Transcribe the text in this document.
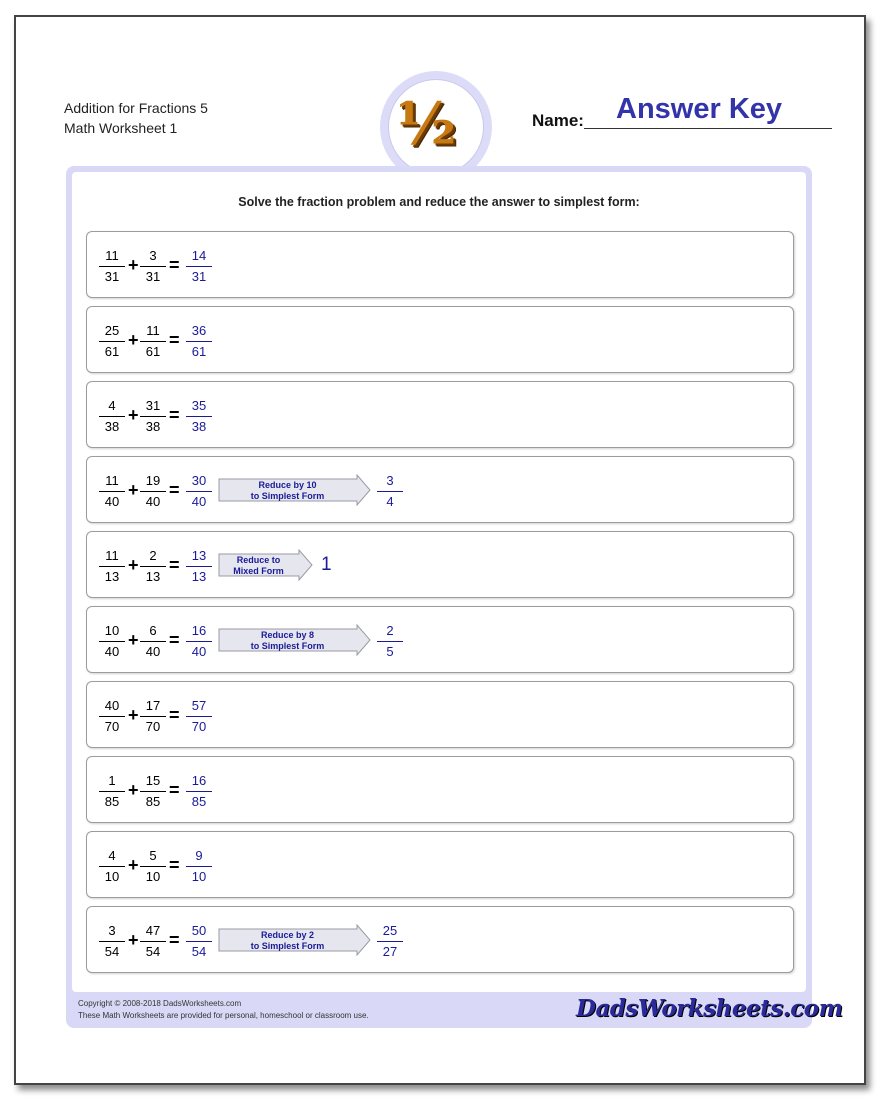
Addition for Fractions 5
Math Worksheet 1	½	Name: Answer Key
Solve the fraction problem and reduce the answer to simplest form:
$\frac{11}{31} + \frac{3}{31} = \frac{14}{31}$
$\frac{25}{61} + \frac{11}{61} = \frac{36}{61}$
$\frac{4}{38} + \frac{31}{38} = \frac{35}{38}$
$\frac{11}{40} + \frac{19}{40} = \frac{30}{40}$	Reduce by 10
to Simplest Form	$\frac{3}{4}$
$\frac{11}{13} + \frac{2}{13} = \frac{13}{13}$	Reduce to
Mixed Form	1
$\frac{10}{40} + \frac{6}{40} = \frac{16}{40}$	Reduce by 8
to Simplest Form	$\frac{2}{5}$
$\frac{40}{70} + \frac{17}{70} = \frac{57}{70}$
$\frac{1}{85} + \frac{15}{85} = \frac{16}{85}$
$\frac{4}{10} + \frac{5}{10} = \frac{9}{10}$
$\frac{3}{54} + \frac{47}{54} = \frac{50}{54}$	Reduce by 2
to Simplest Form	$\frac{25}{27}$
Copyright © 2008-2018 DadsWorksheets.com
These Math Worksheets are provided for personal, homeschool or classroom use.	DadsWorksheets.com
